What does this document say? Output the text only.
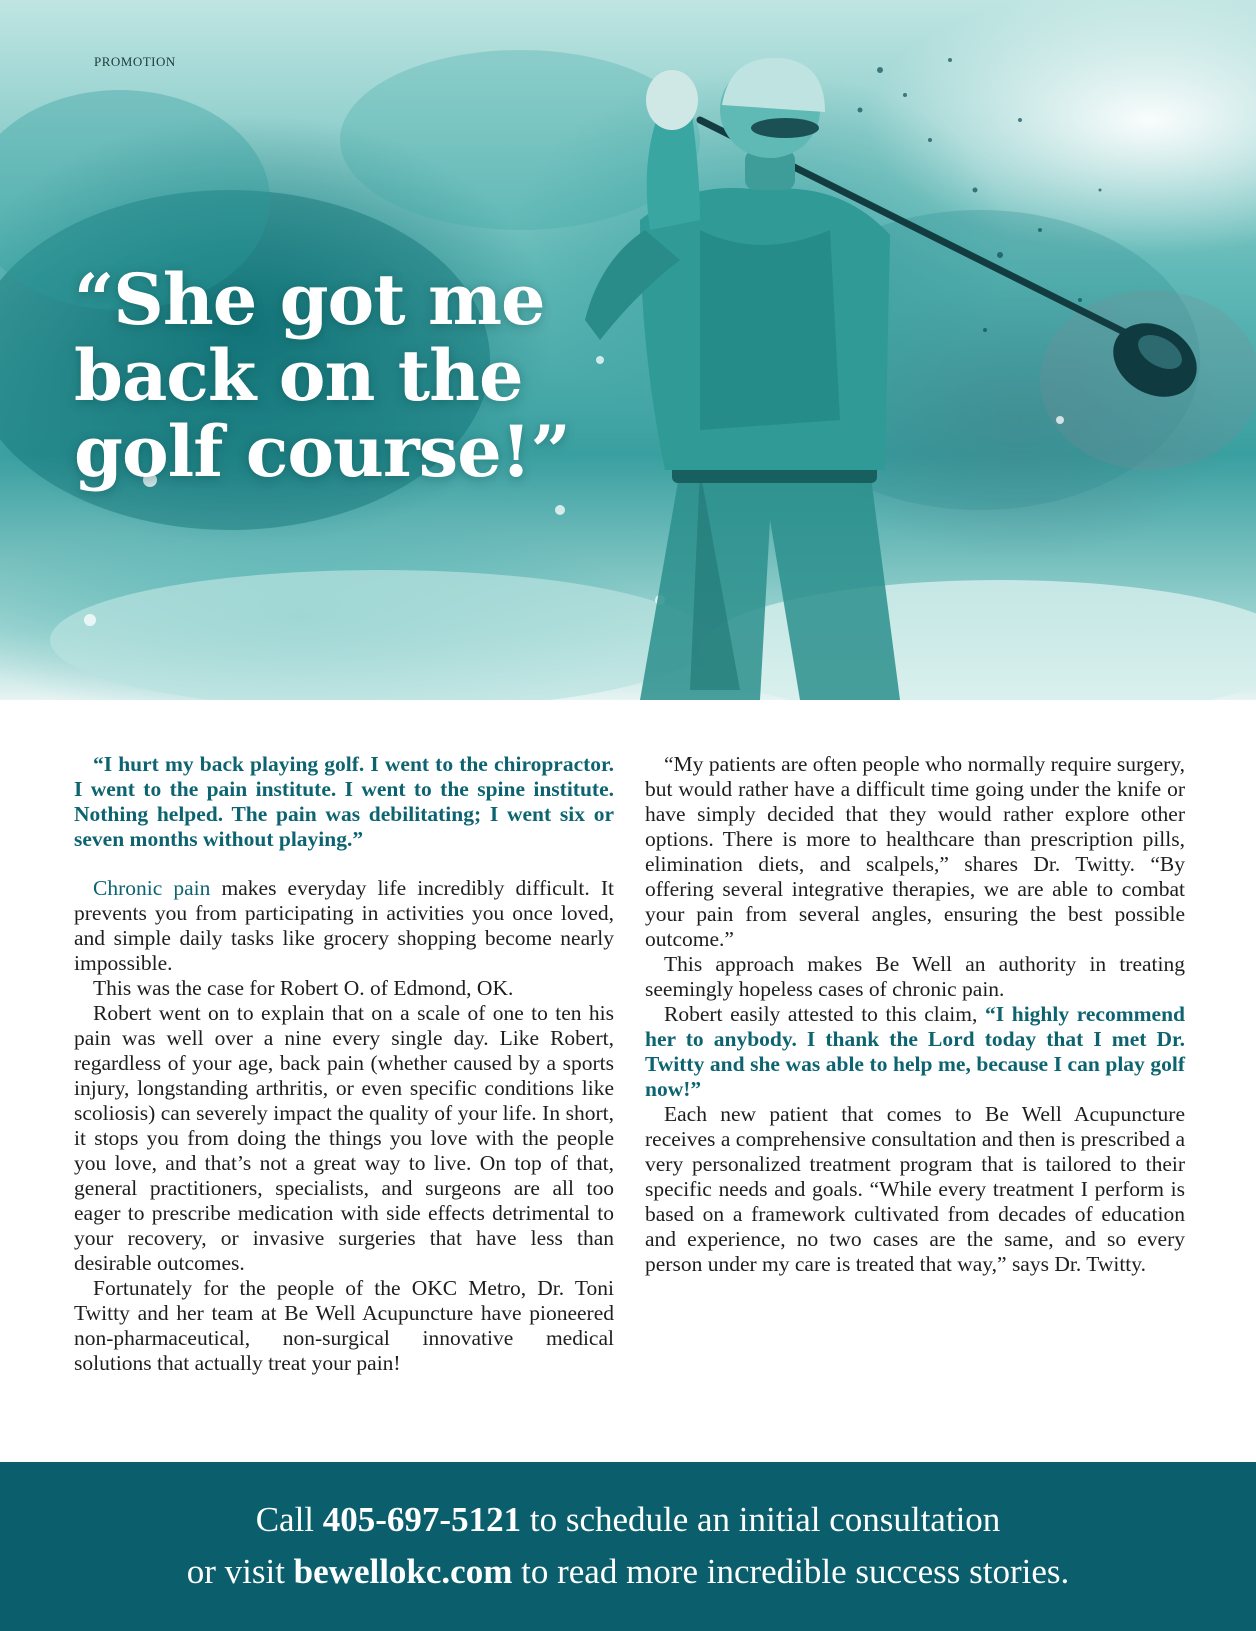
PROMOTION
“She got me back on the golf course!”

“I hurt my back playing golf. I went to the chiropractor. I went to the pain institute. I went to the spine institute. Nothing helped. The pain was debilitating; I went six or seven months without playing.”

Chronic pain makes everyday life incredibly difficult. It prevents you from participating in activities you once loved, and simple daily tasks like grocery shopping become nearly impossible.

This was the case for Robert O. of Edmond, OK.

Robert went on to explain that on a scale of one to ten his pain was well over a nine every single day. Like Robert, regardless of your age, back pain (whether caused by a sports injury, longstanding arthritis, or even specific conditions like scoliosis) can severely impact the quality of your life. In short, it stops you from doing the things you love with the people you love, and that’s not a great way to live. On top of that, general practitioners, specialists, and surgeons are all too eager to prescribe medication with side effects detrimental to your recovery, or invasive surgeries that have less than desirable outcomes.

Fortunately for the people of the OKC Metro, Dr. Toni Twitty and her team at Be Well Acupuncture have pioneered non-pharmaceutical, non-surgical innovative medical solutions that actually treat your pain!

“My patients are often people who normally require surgery, but would rather have a difficult time going under the knife or have simply decided that they would rather explore other options. There is more to healthcare than prescription pills, elimination diets, and scalpels,” shares Dr. Twitty. “By offering several integrative therapies, we are able to combat your pain from several angles, ensuring the best possible outcome.”

This approach makes Be Well an authority in treating seemingly hopeless cases of chronic pain.

Robert easily attested to this claim, “I highly recommend her to anybody. I thank the Lord today that I met Dr. Twitty and she was able to help me, because I can play golf now!”

Each new patient that comes to Be Well Acupuncture receives a comprehensive consultation and then is prescribed a very personalized treatment program that is tailored to their specific needs and goals. “While every treatment I perform is based on a framework cultivated from decades of education and experience, no two cases are the same, and so every person under my care is treated that way,” says Dr. Twitty.

Call 405-697-5121 to schedule an initial consultation
or visit bewellokc.com to read more incredible success stories.
